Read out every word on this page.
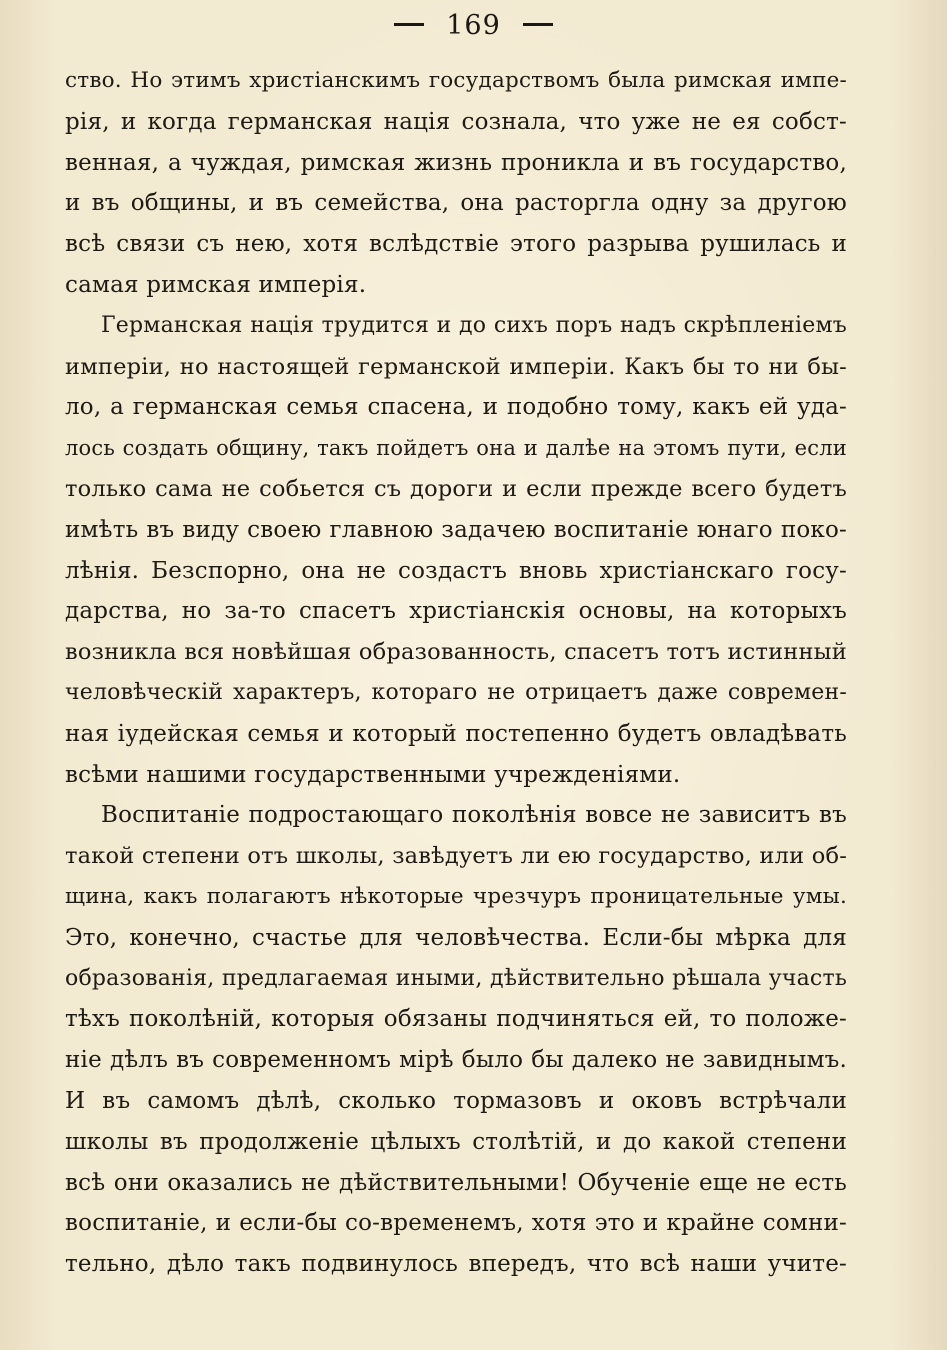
169
ство. Но этимъ христіанскимъ государствомъ была римская импе-
рія, и когда германская нація сознала, что уже не ея собст-
венная, а чуждая, римская жизнь проникла и въ государство,
и въ общины, и въ семейства, она расторгла одну за другою
всѣ связи съ нею, хотя вслѣдствіе этого разрыва рушилась и
самая римская имперія.
Германская нація трудится и до сихъ поръ надъ скрѣпленіемъ
имперіи, но настоящей германской имперіи. Какъ бы то ни бы-
ло, а германская семья спасена, и подобно тому, какъ ей уда-
лось создать общину, такъ пойдетъ она и далѣе на этомъ пути, если
только сама не собьется съ дороги и если прежде всего будетъ
имѣть въ виду своею главною задачею воспитаніе юнаго поко-
лѣнія. Безспорно, она не создастъ вновь христіанскаго госу-
дарства, но за-то спасетъ христіанскія основы, на которыхъ
возникла вся новѣйшая образованность, спасетъ тотъ истинный
человѣческій характеръ, котораго не отрицаетъ даже современ-
ная іудейская семья и который постепенно будетъ овладѣвать
всѣми нашими государственными учрежденіями.
Воспитаніе подростающаго поколѣнія вовсе не зависитъ въ
такой степени отъ школы, завѣдуетъ ли ею государство, или об-
щина, какъ полагаютъ нѣкоторые чрезчуръ проницательные умы.
Это, конечно, счастье для человѣчества. Если-бы мѣрка для
образованія, предлагаемая иными, дѣйствительно рѣшала участь
тѣхъ поколѣній, которыя обязаны подчиняться ей, то положе-
ніе дѣлъ въ современномъ мірѣ было бы далеко не завиднымъ.
И въ самомъ дѣлѣ, сколько тормазовъ и оковъ встрѣчали
школы въ продолженіе цѣлыхъ столѣтій, и до какой степени
всѣ они оказались не дѣйствительными! Обученіе еще не есть
воспитаніе, и если-бы со-временемъ, хотя это и крайне сомни-
тельно, дѣло такъ подвинулось впередъ, что всѣ наши учите-
